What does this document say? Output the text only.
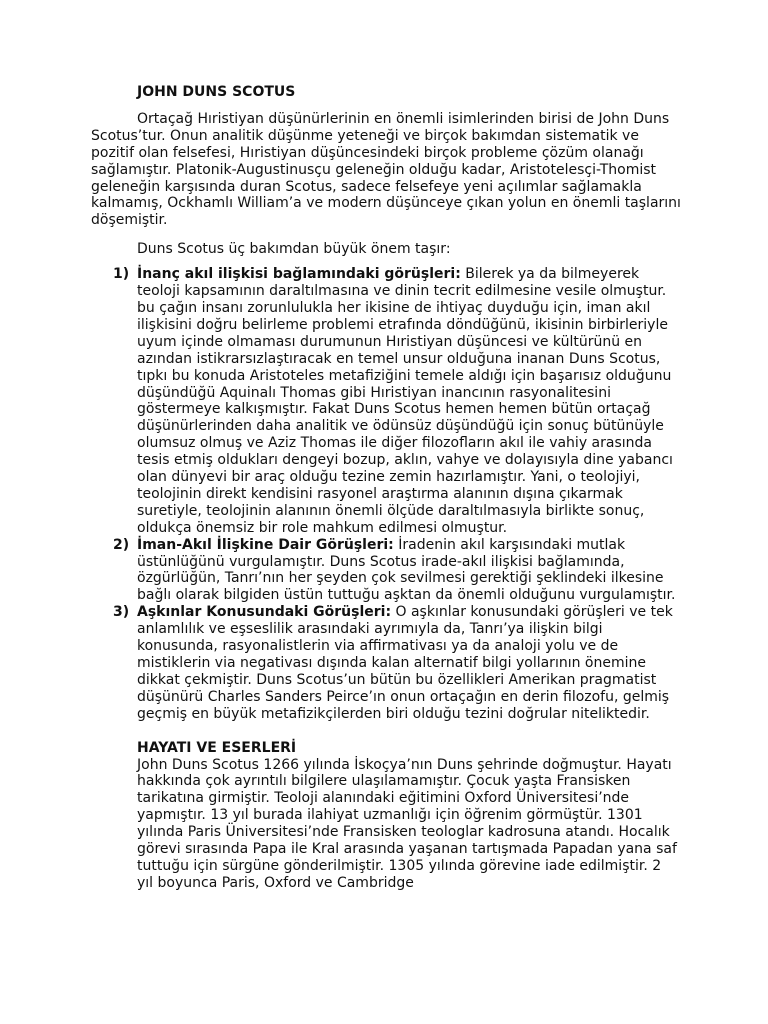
JOHN DUNS SCOTUS

Ortaçağ Hıristiyan düşünürlerinin en önemli isimlerinden birisi de John Duns Scotus’tur. Onun analitik düşünme yeteneği ve birçok bakımdan sistematik ve pozitif olan felsefesi, Hıristiyan düşüncesindeki birçok probleme çözüm olanağı sağlamıştır. Platonik-Augustinusçu geleneğin olduğu kadar, Aristotelesçi-Thomist geleneğin karşısında duran Scotus, sadece felsefeye yeni açılımlar sağlamakla kalmamış, Ockhamlı William’a ve modern düşünceye çıkan yolun en önemli taşlarını döşemiştir.

Duns Scotus üç bakımdan büyük önem taşır:

1) İnanç akıl ilişkisi bağlamındaki görüşleri: Bilerek ya da bilmeyerek teoloji kapsamının daraltılmasına ve dinin tecrit edilmesine vesile olmuştur. bu çağın insanı zorunlulukla her ikisine de ihtiyaç duyduğu için, iman akıl ilişkisini doğru belirleme problemi etrafında döndüğünü, ikisinin birbirleriyle uyum içinde olmaması durumunun Hıristiyan düşüncesi ve kültürünü en azından istikrarsızlaştıracak en temel unsur olduğuna inanan Duns Scotus, tıpkı bu konuda Aristoteles metafiziğini temele aldığı için başarısız olduğunu düşündüğü Aquinalı Thomas gibi Hıristiyan inancının rasyonalitesini göstermeye kalkışmıştır. Fakat Duns Scotus hemen hemen bütün ortaçağ düşünürlerinden daha analitik ve ödünsüz düşündüğü için sonuç bütünüyle olumsuz olmuş ve Aziz Thomas ile diğer filozofların akıl ile vahiy arasında tesis etmiş oldukları dengeyi bozup, aklın, vahye ve dolayısıyla dine yabancı olan dünyevi bir araç olduğu tezine zemin hazırlamıştır. Yani, o teolojiyi, teolojinin direkt kendisini rasyonel araştırma alanının dışına çıkarmak suretiyle, teolojinin alanının önemli ölçüde daraltılmasıyla birlikte sonuç, oldukça önemsiz bir role mahkum edilmesi olmuştur.
2) İman-Akıl İlişkine Dair Görüşleri: İradenin akıl karşısındaki mutlak üstünlüğünü vurgulamıştır. Duns Scotus irade-akıl ilişkisi bağlamında, özgürlüğün, Tanrı’nın her şeyden çok sevilmesi gerektiği şeklindeki ilkesine bağlı olarak bilgiden üstün tuttuğu aşktan da önemli olduğunu vurgulamıştır.
3) Aşkınlar Konusundaki Görüşleri: O aşkınlar konusundaki görüşleri ve tek anlamlılık ve eşseslilik arasındaki ayrımıyla da, Tanrı’ya ilişkin bilgi konusunda, rasyonalistlerin via affirmativası ya da analoji yolu ve de mistiklerin via negativası dışında kalan alternatif bilgi yollarının önemine dikkat çekmiştir. Duns Scotus’un bütün bu özellikleri Amerikan pragmatist düşünürü Charles Sanders Peirce’ın onun ortaçağın en derin filozofu, gelmiş geçmiş en büyük metafizikçilerden biri olduğu tezini doğrular niteliktedir.
HAYATI VE ESERLERİ

John Duns Scotus 1266 yılında İskoçya’nın Duns şehrinde doğmuştur. Hayatı hakkında çok ayrıntılı bilgilere ulaşılamamıştır. Çocuk yaşta Fransisken tarikatına girmiştir. Teoloji alanındaki eğitimini Oxford Üniversitesi’nde yapmıştır. 13 yıl burada ilahiyat uzmanlığı için öğrenim görmüştür. 1301 yılında Paris Üniversitesi’nde Fransisken teologlar kadrosuna atandı. Hocalık görevi sırasında Papa ile Kral arasında yaşanan tartışmada Papadan yana saf tuttuğu için sürgüne gönderilmiştir. 1305 yılında görevine iade edilmiştir. 2 yıl boyunca Paris, Oxford ve Cambridge
